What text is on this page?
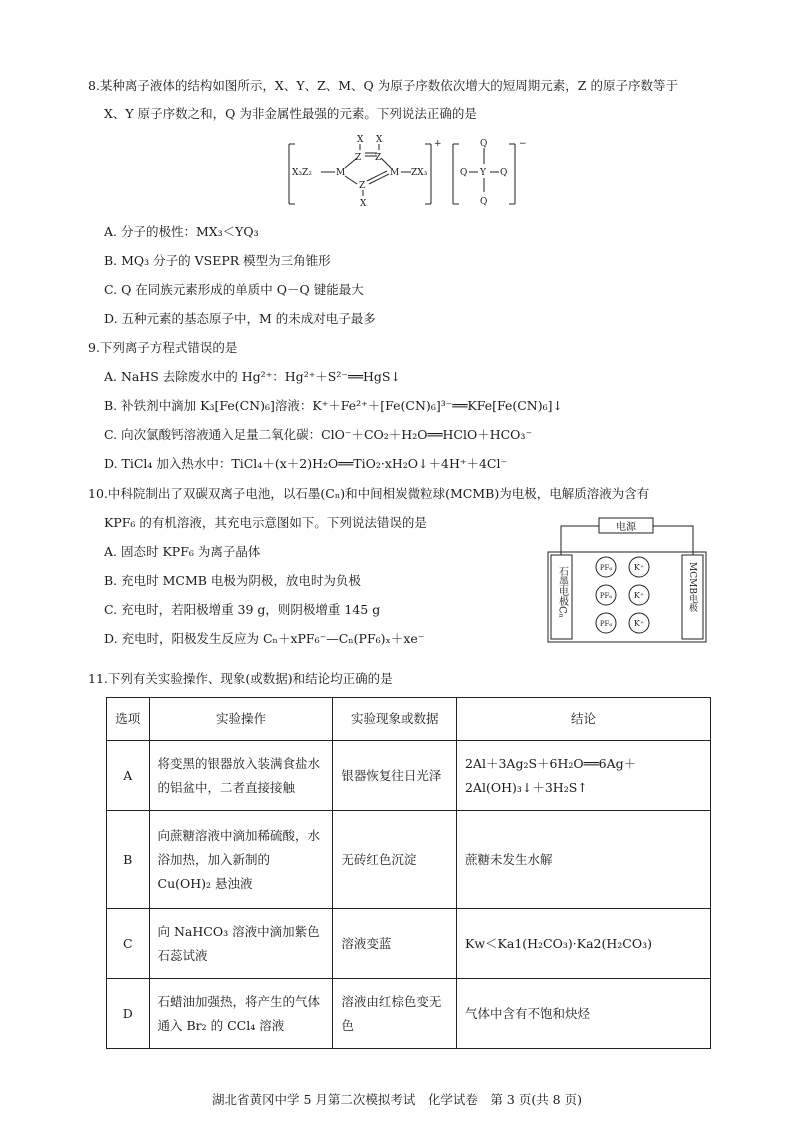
8.某种离子液体的结构如图所示，X、Y、Z、M、Q 为原子序数依次增大的短周期元素，Z 的原子序数等于
X、Y 原子序数之和，Q 为非金属性最强的元素。下列说法正确的是
X₃Z₂	M
Z Z
X X
Z
X
M ZX₃
+	−
Q
Q Y Q
Q
A. 分子的极性：MX₃＜YQ₃
B. MQ₃ 分子的 VSEPR 模型为三角锥形
C. Q 在同族元素形成的单质中 Q－Q 键能最大
D. 五种元素的基态原子中，M 的未成对电子最多
9.下列离子方程式错误的是
A. NaHS 去除废水中的 Hg²⁺：Hg²⁺＋S²⁻══HgS↓
B. 补铁剂中滴加 K₃[Fe(CN)₆]溶液：K⁺＋Fe²⁺＋[Fe(CN)₆]³⁻══KFe[Fe(CN)₆]↓
C. 向次氯酸钙溶液通入足量二氧化碳：ClO⁻＋CO₂＋H₂O══HClO＋HCO₃⁻
D. TiCl₄ 加入热水中：TiCl₄＋(x＋2)H₂O══TiO₂·xH₂O↓＋4H⁺＋4Cl⁻
10.中科院制出了双碳双离子电池，以石墨(Cₙ)和中间相炭微粒球(MCMB)为电极，电解质溶液为含有
KPF₆ 的有机溶液，其充电示意图如下。下列说法错误的是
A. 固态时 KPF₆ 为离子晶体
B. 充电时 MCMB 电极为阴极，放电时为负极
C. 充电时，若阳极增重 39 g，则阴极增重 145 g
D. 充电时，阳极发生反应为 Cₙ＋xPF₆⁻—Cₙ(PF₆)ₓ＋xe⁻
电源
PF₆
PF₆
PF₆
K⁺
K⁺
K⁺
石墨电极Cₙ	MCMB电极
11.下列有关实验操作、现象(或数据)和结论均正确的是
选项	实验操作	实验现象或数据	结论
A	将变黑的银器放入装满食盐水的铝盆中，二者直接接触	银器恢复往日光泽	2Al＋3Ag₂S＋6H₂O══6Ag＋2Al(OH)₃↓＋3H₂S↑
B	向蔗糖溶液中滴加稀硫酸，水浴加热，加入新制的 Cu(OH)₂ 悬浊液	无砖红色沉淀	蔗糖未发生水解
C	向 NaHCO₃ 溶液中滴加紫色石蕊试液	溶液变蓝	Kw＜Ka1(H₂CO₃)·Ka2(H₂CO₃)
D	石蜡油加强热，将产生的气体通入 Br₂ 的 CCl₄ 溶液	溶液由红棕色变无色	气体中含有不饱和炔烃
湖北省黄冈中学 5 月第二次模拟考试　化学试卷　第 3 页(共 8 页)
